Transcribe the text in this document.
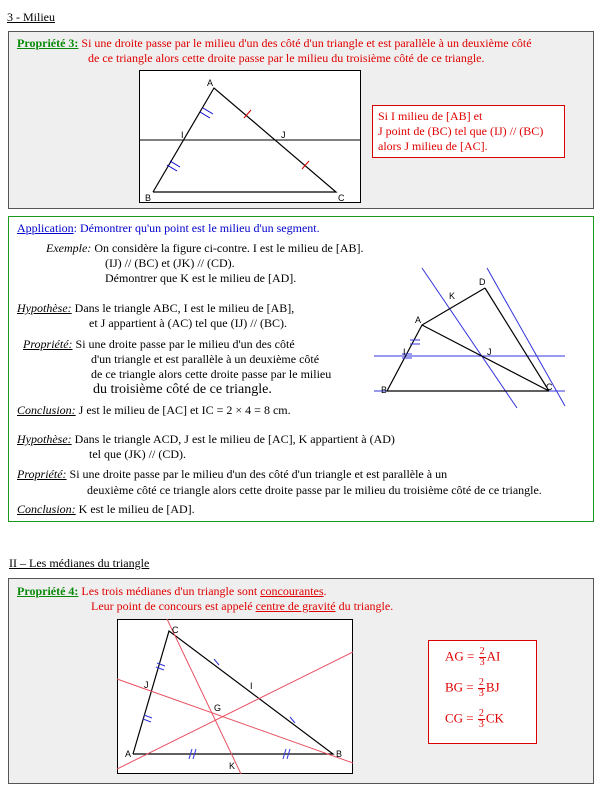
3 - Milieu
Propriété 3: Si une droite passe par le milieu d'un des côté d'un triangle et est parallèle à un deuxième côté
de ce triangle alors cette droite passe par le milieu du troisième côté de ce triangle.
A
B	C
I	J
Si I milieu de [AB] et
J point de (BC) tel que (IJ) // (BC)
alors J milieu de [AC].
Application: Démontrer qu'un point est le milieu d'un segment.
Exemple: On considère la figure ci-contre. I est le milieu de [AB].
(IJ) // (BC) et (JK) // (CD).
Démontrer que K est le milieu de [AD].
Hypothèse: Dans le triangle ABC, I est le milieu de [AB],
et J appartient à (AC) tel que (IJ) // (BC).
Propriété: Si une droite passe par le milieu d'un des côté
d'un triangle et est parallèle à un deuxième côté
de ce triangle alors cette droite passe par le milieu
du troisième côté de ce triangle.
Conclusion: J est le milieu de [AC] et IC = 2 × 4 = 8 cm.
Hypothèse: Dans le triangle ACD, J est le milieu de [AC], K appartient à (AD)
tel que (JK) // (CD).
Propriété: Si une droite passe par le milieu d'un des côté d'un triangle et est parallèle à un
deuxième côté ce triangle alors cette droite passe par le milieu du troisième côté de ce triangle.
Conclusion: K est le milieu de [AD].
D
K
A
I	J
B	C
II – Les médianes du triangle
Propriété 4: Les trois médianes d'un triangle sont concourantes.
Leur point de concours est appelé centre de gravité du triangle.
C
A	B
G
I
J
K
AG = $\frac{2}{3}$ AI
BG = $\frac{2}{3}$ BJ
CG = $\frac{2}{3}$ CK
